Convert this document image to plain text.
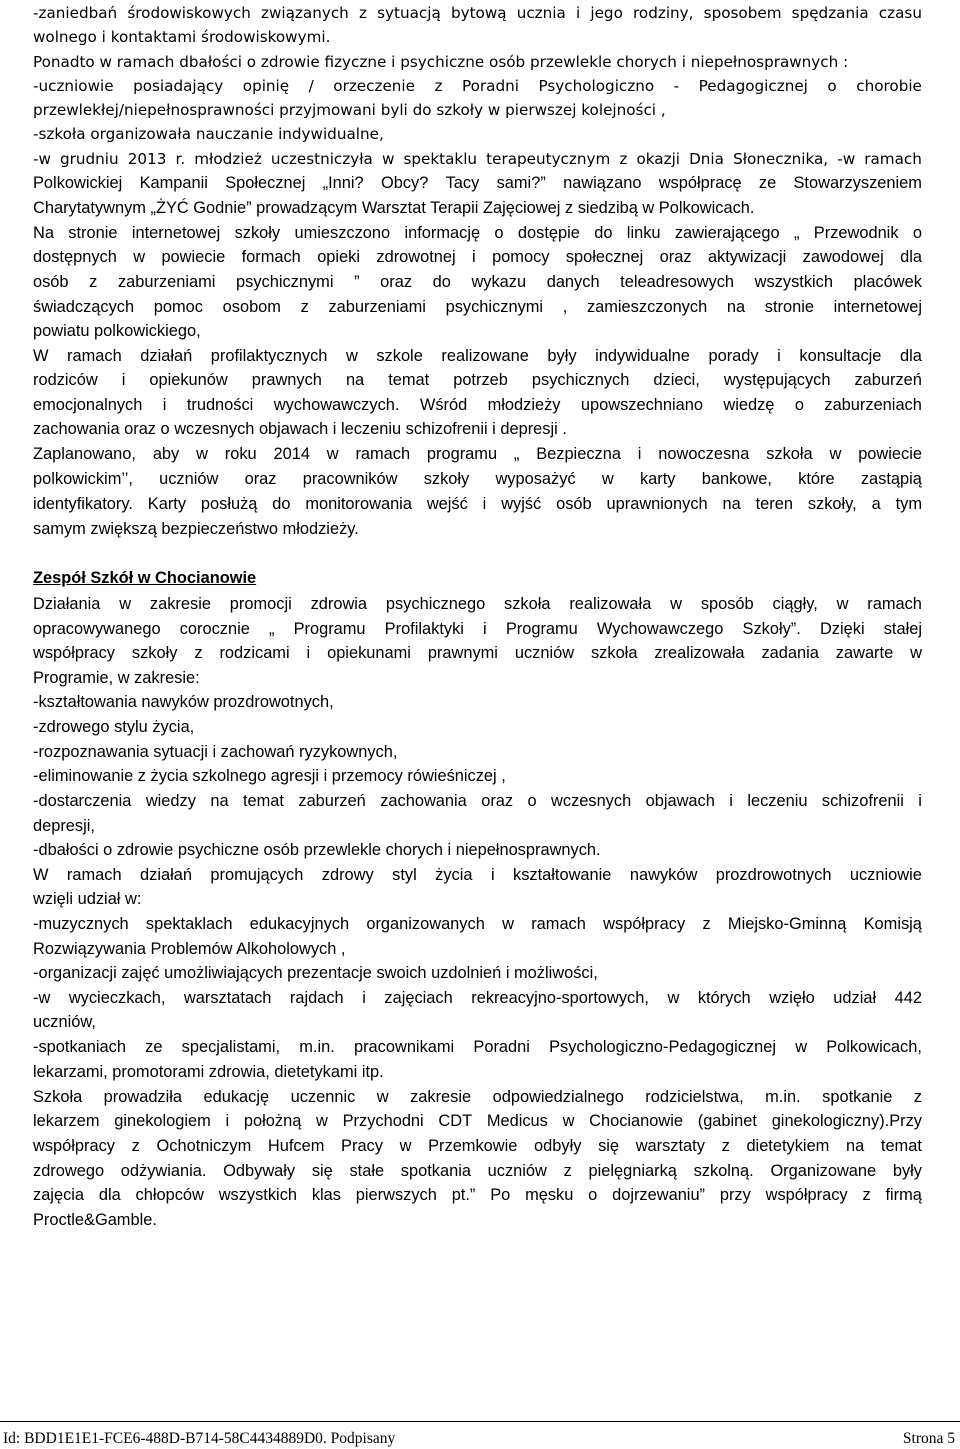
-zaniedbań środowiskowych związanych z sytuacją bytową ucznia i jego rodziny, sposobem spędzania czasu
wolnego i kontaktami środowiskowymi.
Ponadto w ramach dbałości o zdrowie fizyczne i psychiczne osób przewlekle chorych i niepełnosprawnych :
-uczniowie posiadający opinię / orzeczenie z Poradni Psychologiczno - Pedagogicznej o chorobie
przewlekłej/niepełnosprawności przyjmowani byli do szkoły w pierwszej kolejności ,
-szkoła organizowała nauczanie indywidualne,
-w grudniu 2013 r. młodzież uczestniczyła w spektaklu terapeutycznym z okazji Dnia Słonecznika, -w ramach
Polkowickiej Kampanii Społecznej „Inni? Obcy? Tacy sami?” nawiązano współpracę ze Stowarzyszeniem
Charytatywnym „ŻYĆ Godnie” prowadzącym Warsztat Terapii Zajęciowej z siedzibą w Polkowicach.
Na stronie internetowej szkoły umieszczono informację o dostępie do linku zawierającego „ Przewodnik o
dostępnych w powiecie formach opieki zdrowotnej i pomocy społecznej oraz aktywizacji zawodowej dla
osób z zaburzeniami psychicznymi ” oraz do wykazu danych teleadresowych wszystkich placówek
świadczących pomoc osobom z zaburzeniami psychicznymi , zamieszczonych na stronie internetowej
powiatu polkowickiego,
W ramach działań profilaktycznych w szkole realizowane były indywidualne porady i konsultacje dla
rodziców i opiekunów prawnych na temat potrzeb psychicznych dzieci, występujących zaburzeń
emocjonalnych i trudności wychowawczych. Wśród młodzieży upowszechniano wiedzę o zaburzeniach
zachowania oraz o wczesnych objawach i leczeniu schizofrenii i depresji .
Zaplanowano, aby w roku 2014 w ramach programu „ Bezpieczna i nowoczesna szkoła w powiecie
polkowickim’’, uczniów oraz pracowników szkoły wyposażyć w karty bankowe, które zastąpią
identyfikatory. Karty posłużą do monitorowania wejść i wyjść osób uprawnionych na teren szkoły, a tym
samym zwiększą bezpieczeństwo młodzieży.
Zespół Szkół w Chocianowie
Działania w zakresie promocji zdrowia psychicznego szkoła realizowała w sposób ciągły, w ramach
opracowywanego corocznie „ Programu Profilaktyki i Programu Wychowawczego Szkoły”. Dzięki stałej
współpracy szkoły z rodzicami i opiekunami prawnymi uczniów szkoła zrealizowała zadania zawarte w
Programie, w zakresie:
-kształtowania nawyków prozdrowotnych,
-zdrowego stylu życia,
-rozpoznawania sytuacji i zachowań ryzykownych,
-eliminowanie z życia szkolnego agresji i przemocy rówieśniczej ,
-dostarczenia wiedzy na temat zaburzeń zachowania oraz o wczesnych objawach i leczeniu schizofrenii i
depresji,
-dbałości o zdrowie psychiczne osób przewlekle chorych i niepełnosprawnych.
W ramach działań promujących zdrowy styl życia i kształtowanie nawyków prozdrowotnych uczniowie
wzięli udział w:
-muzycznych spektaklach edukacyjnych organizowanych w ramach współpracy z Miejsko-Gminną Komisją
Rozwiązywania Problemów Alkoholowych ,
-organizacji zajęć umożliwiających prezentacje swoich uzdolnień i możliwości,
-w wycieczkach, warsztatach rajdach i zajęciach rekreacyjno-sportowych, w których wzięło udział 442
uczniów,
-spotkaniach ze specjalistami, m.in. pracownikami Poradni Psychologiczno-Pedagogicznej w Polkowicach,
lekarzami, promotorami zdrowia, dietetykami itp.
Szkoła prowadziła edukację uczennic w zakresie odpowiedzialnego rodzicielstwa, m.in. spotkanie z
lekarzem ginekologiem i położną w Przychodni CDT Medicus w Chocianowie (gabinet ginekologiczny).Przy
współpracy z Ochotniczym Hufcem Pracy w Przemkowie odbyły się warsztaty z dietetykiem na temat
zdrowego odżywiania. Odbywały się stałe spotkania uczniów z pielęgniarką szkolną. Organizowane były
zajęcia dla chłopców wszystkich klas pierwszych pt.” Po męsku o dojrzewaniu” przy współpracy z firmą
Proctle&Gamble.
Id: BDD1E1E1-FCE6-488D-B714-58C4434889D0. Podpisany	Strona 5
